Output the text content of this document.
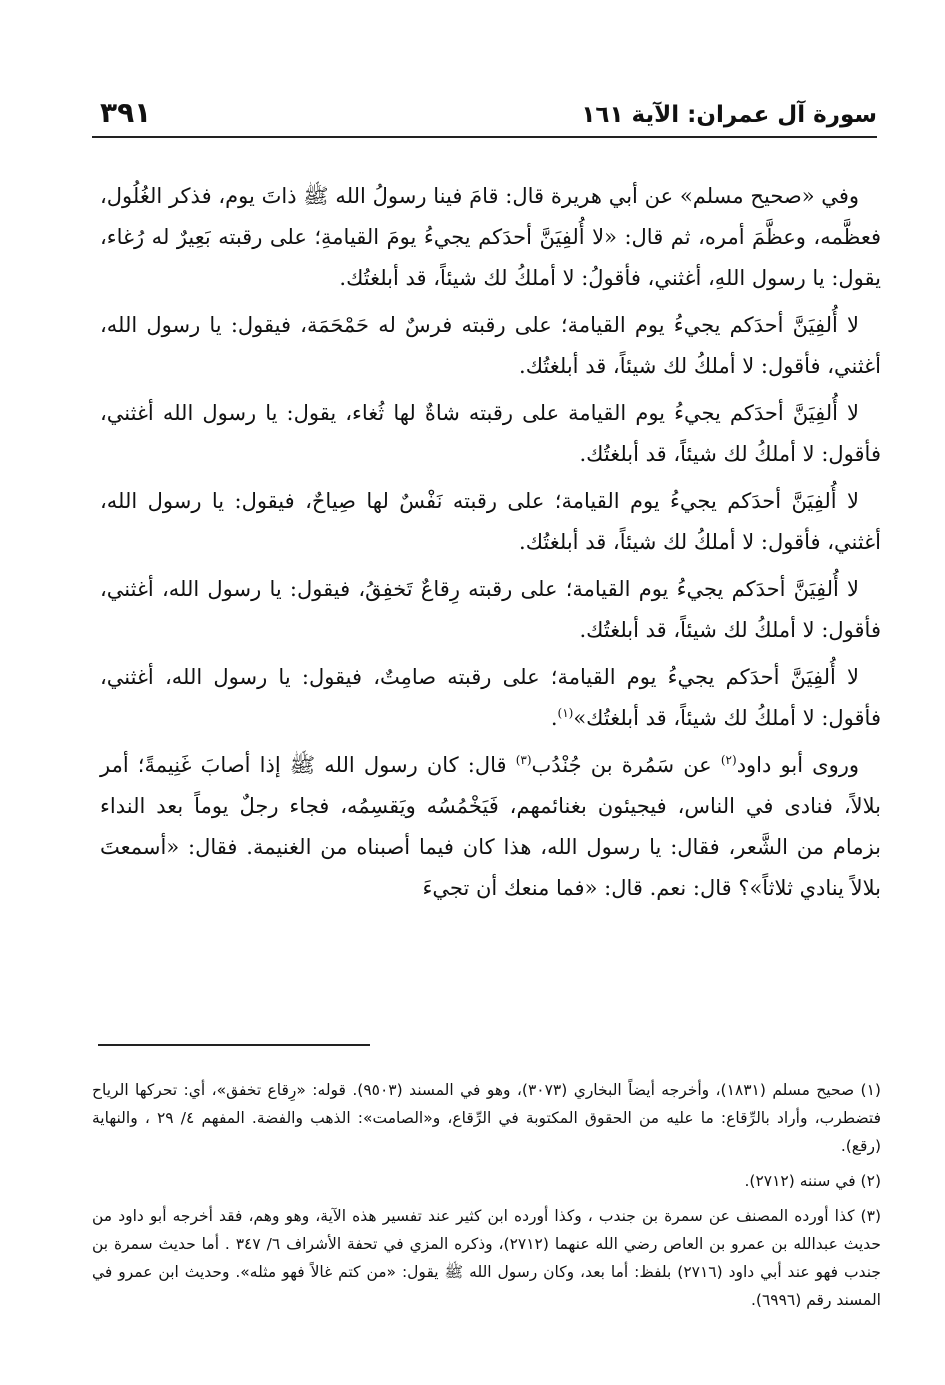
سورة آل عمران: الآية ١٦١
٣٩١

وفي «صحيح مسلم» عن أبي هريرة قال: قامَ فينا رسولُ الله ﷺ ذاتَ يوم، فذكر الغُلُول، فعظَّمه، وعظَّمَ أمره، ثم قال: «لا أُلفِيَنَّ أحدَكم يجيءُ يومَ القيامةِ؛ على رقبته بَعِيرٌ له رُغاء، يقول: يا رسول اللهِ، أغثني، فأقولُ: لا أملكُ لك شيئاً، قد أبلغتُك.

لا أُلفِيَنَّ أحدَكم يجيءُ يوم القيامة؛ على رقبته فرسٌ له حَمْحَمَة، فيقول: يا رسول الله، أغثني، فأقول: لا أملكُ لك شيئاً، قد أبلغتُك.

لا أُلفِيَنَّ أحدَكم يجيءُ يوم القيامة على رقبته شاةٌ لها ثُغاء، يقول: يا رسول الله أغثني، فأقول: لا أملكُ لك شيئاً، قد أبلغتُك.

لا أُلفِيَنَّ أحدَكم يجيءُ يوم القيامة؛ على رقبته نَفْسٌ لها صِياحٌ، فيقول: يا رسول الله، أغثني، فأقول: لا أملكُ لك شيئاً، قد أبلغتُك.

لا أُلفِيَنَّ أحدَكم يجيءُ يوم القيامة؛ على رقبته رِقاعٌ تَخفِقُ، فيقول: يا رسول الله، أغثني، فأقول: لا أملكُ لك شيئاً، قد أبلغتُك.

لا أُلفِيَنَّ أحدَكم يجيءُ يوم القيامة؛ على رقبته صامِتٌ، فيقول: يا رسول الله، أغثني، فأقول: لا أملكُ لك شيئاً، قد أبلغتُك»$^{(١)}$.

وروى أبو داود$^{(٢)}$ عن سَمُرة بن جُنْدُب$^{(٣)}$ قال: كان رسول الله ﷺ إذا أصابَ غَنِيمةً؛ أمر بلالاً، فنادى في الناس، فيجيئون بغنائمهم، فَيَخْمُسُه ويَقسِمُه، فجاء رجلٌ يوماً بعد النداء بزمام من الشَّعر، فقال: يا رسول الله، هذا كان فيما أصبناه من الغنيمة. فقال: «أسمعتَ بلالاً ينادي ثلاثاً»؟ قال: نعم. قال: «فما منعك أن تجيءَ

(١) صحيح مسلم (١٨٣١)، وأخرجه أيضاً البخاري (٣٠٧٣)، وهو في المسند (٩٥٠٣). قوله: «رِقاع تخفق»، أي: تحركها الرياح فتضطرب، وأراد بالرِّقاع: ما عليه من الحقوق المكتوبة في الرِّقاع، و«الصامت»: الذهب والفضة. المفهم ٤/ ٢٩ ، والنهاية (رقع).

(٢) في سننه (٢٧١٢).

(٣) كذا أورده المصنف عن سمرة بن جندب ، وكذا أورده ابن كثير عند تفسير هذه الآية، وهو وهم، فقد أخرجه أبو داود من حديث عبدالله بن عمرو بن العاص رضي الله عنهما (٢٧١٢)، وذكره المزي في تحفة الأشراف ٦/ ٣٤٧ . أما حديث سمرة بن جندب فهو عند أبي داود (٢٧١٦) بلفظ: أما بعد، وكان رسول الله ﷺ يقول: «من كتم غالاً فهو مثله». وحديث ابن عمرو في المسند رقم (٦٩٩٦).
